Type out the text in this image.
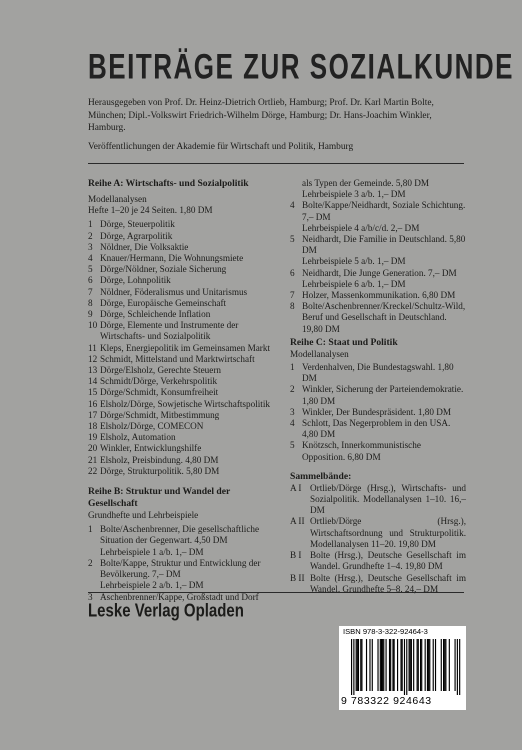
BEITRÄGE ZUR SOZIALKUNDE
Herausgegeben von Prof. Dr. Heinz-Dietrich Ortlieb, Hamburg; Prof. Dr. Karl Martin Bolte, München; Dipl.-Volkswirt Friedrich-Wilhelm Dörge, Hamburg; Dr. Hans-Joachim Winkler, Hamburg.
Veröffentlichungen der Akademie für Wirtschaft und Politik, Hamburg

Reihe A: Wirtschafts- und Sozialpolitik

Modellanalysen

Hefte 1–20 je 24 Seiten. 1,80 DM

1 Dörge, Steuerpolitik
2 Dörge, Agrarpolitik
3 Nöldner, Die Volksaktie
4 Knauer/Hermann, Die Wohnungsmiete
5 Dörge/Nöldner, Soziale Sicherung
6 Dörge, Lohnpolitik
7 Nöldner, Föderalismus und Unitarismus
8 Dörge, Europäische Gemeinschaft
9 Dörge, Schleichende Inflation
10 Dörge, Elemente und Instrumente der Wirtschafts- und Sozialpolitik
11 Kleps, Energiepolitik im Gemeinsamen Markt
12 Schmidt, Mittelstand und Marktwirtschaft
13 Dörge/Elsholz, Gerechte Steuern
14 Schmidt/Dörge, Verkehrspolitik
15 Dörge/Schmidt, Konsumfreiheit
16 Elsholz/Dörge, Sowjetische Wirtschaftspolitik
17 Dörge/Schmidt, Mitbestimmung
18 Elsholz/Dörge, COMECON
19 Elsholz, Automation
20 Winkler, Entwicklungshilfe
21 Elsholz, Preisbindung. 4,80 DM
22 Dörge, Strukturpolitik. 5,80 DM

Reihe B: Struktur und Wandel der Gesellschaft

Grundhefte und Lehrbeispiele

1 Bolte/Aschenbrenner, Die gesellschaftliche Situation der Gegenwart. 4,50 DM
Lehrbeispiele 1 a/b. 1,– DM
2 Bolte/Kappe, Struktur und Entwicklung der Bevölkerung. 7,– DM
Lehrbeispiele 2 a/b. 1,– DM
3 Aschenbrenner/Kappe, Großstadt und Dorf
als Typen der Gemeinde. 5,80 DM
Lehrbeispiele 3 a/b. 1,– DM
4 Bolte/Kappe/Neidhardt, Soziale Schichtung. 7,– DM
Lehrbeispiele 4 a/b/c/d. 2,– DM
5 Neidhardt, Die Familie in Deutschland. 5,80 DM
Lehrbeispiele 5 a/b. 1,– DM
6 Neidhardt, Die Junge Generation. 7,– DM
Lehrbeispiele 6 a/b. 1,– DM
7 Holzer, Massenkommunikation. 6,80 DM
8 Bolte/Aschenbrenner/Kreckel/Schultz-Wild, Beruf und Gesellschaft in Deutschland. 19,80 DM

Reihe C: Staat und Politik

Modellanalysen

1 Verdenhalven, Die Bundestagswahl. 1,80 DM
2 Winkler, Sicherung der Parteiendemokratie. 1,80 DM
3 Winkler, Der Bundespräsident. 1,80 DM
4 Schlott, Das Negerproblem in den USA. 4,80 DM
5 Knötzsch, Innerkommunistische Opposition. 6,80 DM

Sammelbände:

A I Ortlieb/Dörge (Hrsg.), Wirtschafts- und Sozialpolitik. Modellanalysen 1–10. 16,– DM
A II Ortlieb/Dörge (Hrsg.), Wirtschaftsordnung und Strukturpolitik. Modellanalysen 11–20. 19,80 DM
B I Bolte (Hrsg.), Deutsche Gesellschaft im Wandel. Grundhefte 1–4. 19,80 DM
B II Bolte (Hrsg.), Deutsche Gesellschaft im Wandel. Grundhefte 5–8. 24,– DM
Leske Verlag Opladen
ISBN 978-3-322-92464-3
9 783322 924643
